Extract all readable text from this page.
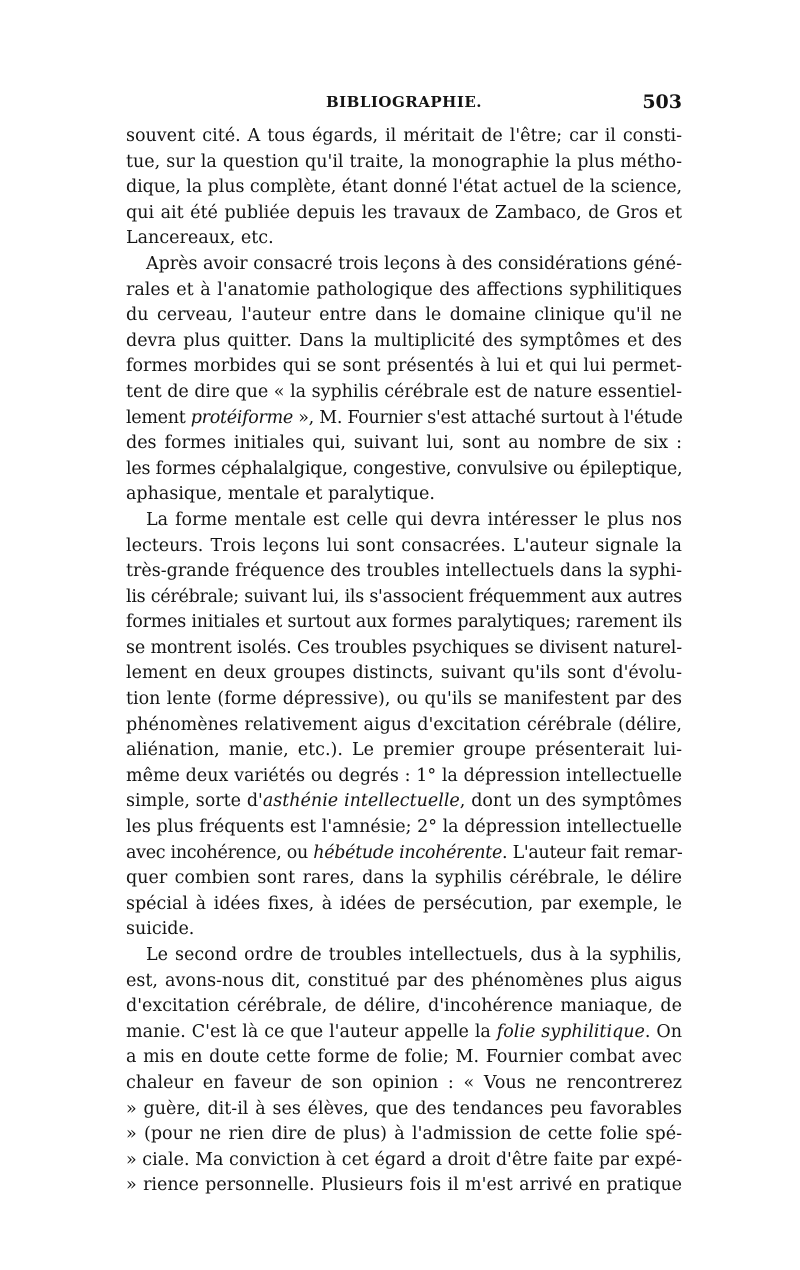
BIBLIOGRAPHIE.	503
souvent cité. A tous égards, il méritait de l'être; car il consti-
tue, sur la question qu'il traite, la monographie la plus métho-
dique, la plus complète, étant donné l'état actuel de la science,
qui ait été publiée depuis les travaux de Zambaco, de Gros et
Lancereaux, etc.
Après avoir consacré trois leçons à des considérations géné-
rales et à l'anatomie pathologique des affections syphilitiques
du cerveau, l'auteur entre dans le domaine clinique qu'il ne
devra plus quitter. Dans la multiplicité des symptômes et des
formes morbides qui se sont présentés à lui et qui lui permet-
tent de dire que « la syphilis cérébrale est de nature essentiel-
lement protéiforme », M. Fournier s'est attaché surtout à l'étude
des formes initiales qui, suivant lui, sont au nombre de six :
les formes céphalalgique, congestive, convulsive ou épileptique,
aphasique, mentale et paralytique.
La forme mentale est celle qui devra intéresser le plus nos
lecteurs. Trois leçons lui sont consacrées. L'auteur signale la
très-grande fréquence des troubles intellectuels dans la syphi-
lis cérébrale; suivant lui, ils s'associent fréquemment aux autres
formes initiales et surtout aux formes paralytiques; rarement ils
se montrent isolés. Ces troubles psychiques se divisent naturel-
lement en deux groupes distincts, suivant qu'ils sont d'évolu-
tion lente (forme dépressive), ou qu'ils se manifestent par des
phénomènes relativement aigus d'excitation cérébrale (délire,
aliénation, manie, etc.). Le premier groupe présenterait lui-
même deux variétés ou degrés : 1° la dépression intellectuelle
simple, sorte d'asthénie intellectuelle, dont un des symptômes
les plus fréquents est l'amnésie; 2° la dépression intellectuelle
avec incohérence, ou hébétude incohérente. L'auteur fait remar-
quer combien sont rares, dans la syphilis cérébrale, le délire
spécial à idées fixes, à idées de persécution, par exemple, le
suicide.
Le second ordre de troubles intellectuels, dus à la syphilis,
est, avons-nous dit, constitué par des phénomènes plus aigus
d'excitation cérébrale, de délire, d'incohérence maniaque, de
manie. C'est là ce que l'auteur appelle la folie syphilitique. On
a mis en doute cette forme de folie; M. Fournier combat avec
chaleur en faveur de son opinion : « Vous ne rencontrerez
» guère, dit-il à ses élèves, que des tendances peu favorables
» (pour ne rien dire de plus) à l'admission de cette folie spé-
» ciale. Ma conviction à cet égard a droit d'être faite par expé-
» rience personnelle. Plusieurs fois il m'est arrivé en pratique
